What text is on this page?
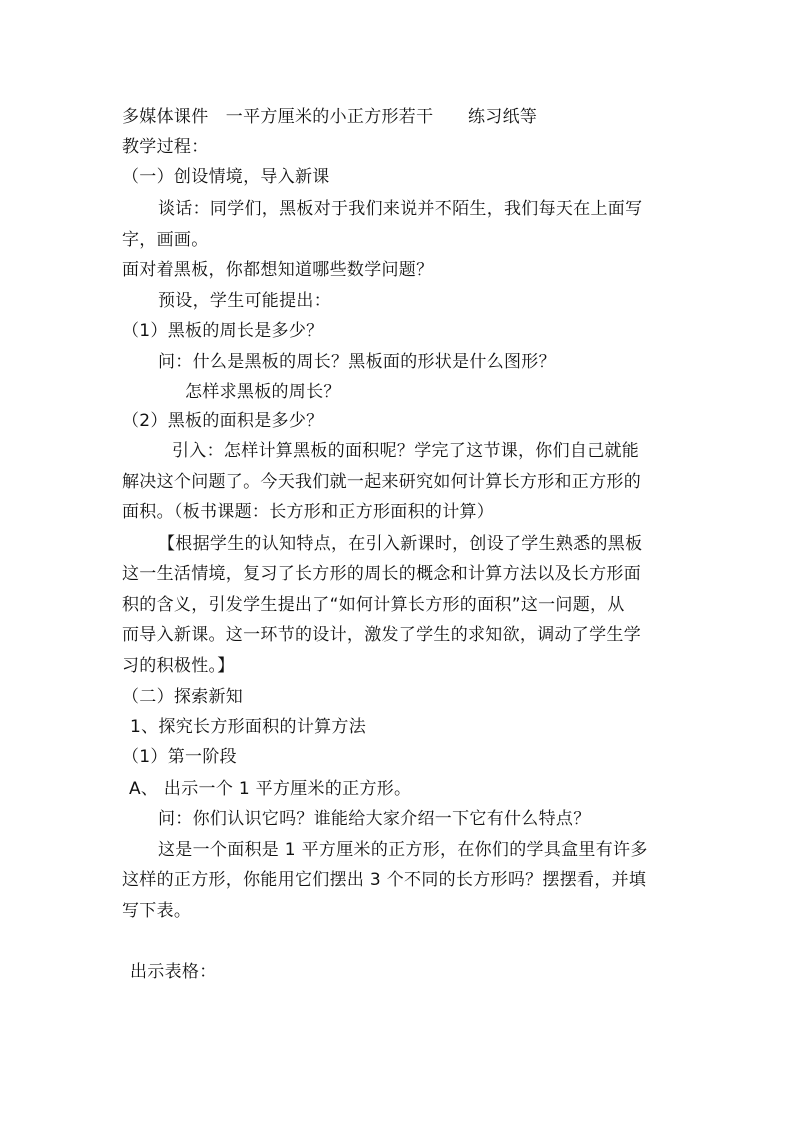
多媒体课件　一平方厘米的小正方形若干　　练习纸等
教学过程：
（一）创设情境，导入新课
谈话：同学们，黑板对于我们来说并不陌生，我们每天在上面写
字，画画。
面对着黑板，你都想知道哪些数学问题？
预设，学生可能提出：
（1）黑板的周长是多少？
问：什么是黑板的周长？黑板面的形状是什么图形？
怎样求黑板的周长？
（2）黑板的面积是多少？
引入：怎样计算黑板的面积呢？学完了这节课，你们自己就能
解决这个问题了。今天我们就一起来研究如何计算长方形和正方形的
面积。（板书课题：长方形和正方形面积的计算）
【根据学生的认知特点，在引入新课时，创设了学生熟悉的黑板
这一生活情境，复习了长方形的周长的概念和计算方法以及长方形面
积的含义，引发学生提出了“如何计算长方形的面积”这一问题，从
而导入新课。这一环节的设计，激发了学生的求知欲，调动了学生学
习的积极性。】
（二）探索新知
1、探究长方形面积的计算方法
（1）第一阶段
A、 出示一个 1 平方厘米的正方形。
问：你们认识它吗？谁能给大家介绍一下它有什么特点？
这是一个面积是 1 平方厘米的正方形，在你们的学具盒里有许多
这样的正方形，你能用它们摆出 3 个不同的长方形吗？摆摆看，并填
写下表。
出示表格：
